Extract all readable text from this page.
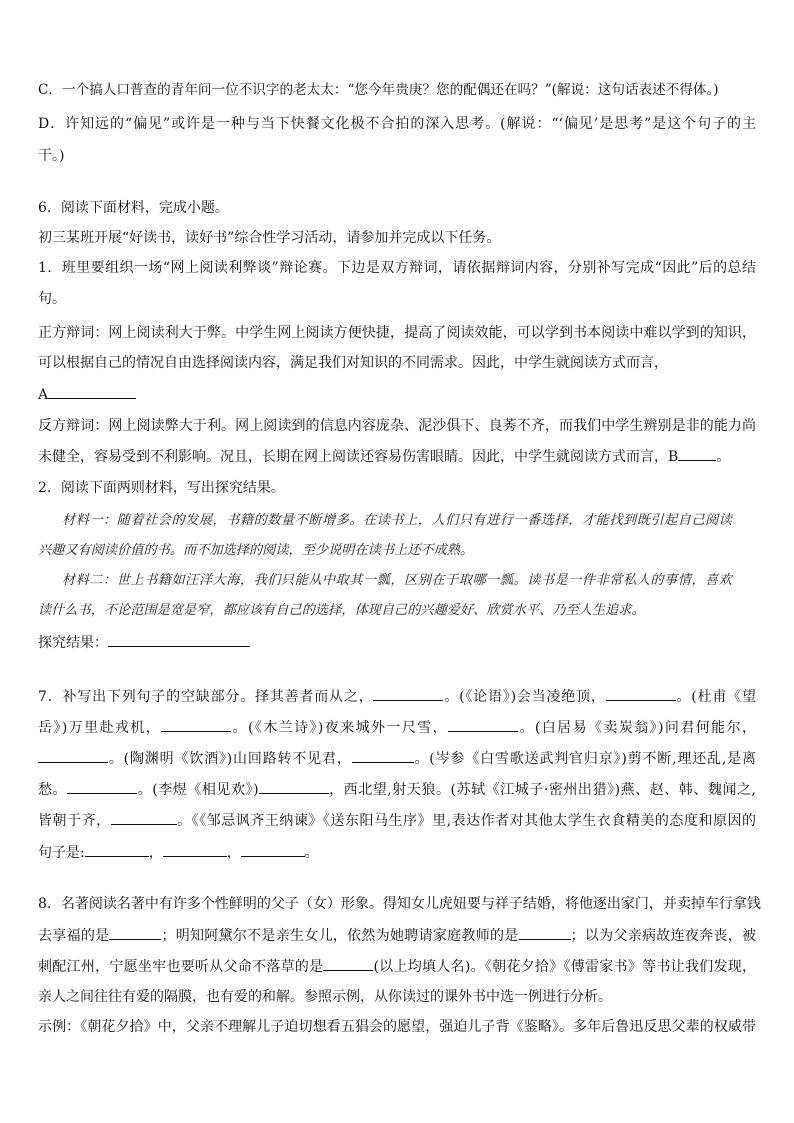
C．一个搞人口普查的青年问一位不识字的老太太：“您今年贵庚？您的配偶还在吗？”(解说：这句话表述不得体。)
D．许知远的“偏见”或许是一种与当下快餐文化极不合拍的深入思考。(解说：“‘偏见’是思考”是这个句子的主
干。)
6．阅读下面材料，完成小题。
初三某班开展“好读书，读好书”综合性学习活动，请参加并完成以下任务。
1．班里要组织一场“网上阅读利弊谈”辩论赛。下边是双方辩词，请依据辩词内容，分别补写完成“因此”后的总结
句。
正方辩词：网上阅读利大于弊。中学生网上阅读方便快捷，提高了阅读效能，可以学到书本阅读中难以学到的知识，
可以根据自己的情况自由选择阅读内容，满足我们对知识的不同需求。因此，中学生就阅读方式而言，
A
反方辩词：网上阅读弊大于利。网上阅读到的信息内容庞杂、泥沙俱下、良莠不齐，而我们中学生辨别是非的能力尚
未健全，容易受到不利影响。况且，长期在网上阅读还容易伤害眼睛。因此，中学生就阅读方式而言，B	。
2．阅读下面两则材料，写出探究结果。
材料一：随着社会的发展，书籍的数量不断增多。在读书上，人们只有进行一番选择，才能找到既引起自己阅读
兴趣又有阅读价值的书。而不加选择的阅读，至少说明在读书上还不成熟。
材料二：世上书籍如汪洋大海，我们只能从中取其一瓢，区别在于取哪一瓢。读书是一件非常私人的事情，喜欢
读什么书，不论范围是宽是窄，都应该有自己的选择，体现自己的兴趣爱好、欣赏水平、乃至人生追求。
探究结果：
7．补写出下列句子的空缺部分。择其善者而从之，	。(《论语》)会当凌绝顶，	。(杜甫《望
岳》)万里赴戎机，	。(《木兰诗》)夜来城外一尺雪，	。(白居易《卖炭翁》)问君何能尔，
。(陶渊明《饮酒》)山回路转不见君，	。(岑参《白雪歌送武判官归京》)剪不断,理还乱,是离
愁。	。(李煜《相见欢》)	，西北望,射天狼。(苏轼《江城子·密州出猎》)燕、赵、韩、魏闻之,
皆朝于齐，	。《《邹忌讽齐王纳谏》《送东阳马生序》里,表达作者对其他太学生衣食精美的态度和原因的
句子是:	，	，	。
8．名著阅读名著中有许多个性鲜明的父子（女）形象。得知女儿虎妞要与祥子结婚，将他逐出家门，并卖掉车行拿钱
去享福的是	；明知阿黛尔不是亲生女儿，依然为她聘请家庭教师的是	；以为父亲病故连夜奔丧，被
刺配江州，宁愿坐牢也要听从父命不落草的是	(以上均填人名)。《朝花夕拾》《傅雷家书》等书让我们发现，
亲人之间往往有爱的隔膜，也有爱的和解。参照示例，从你读过的课外书中选一例进行分析。
示例：《朝花夕拾》中，父亲不理解儿子迫切想看五猖会的愿望，强迫儿子背《鉴略》。多年后鲁迅反思父辈的权威带
